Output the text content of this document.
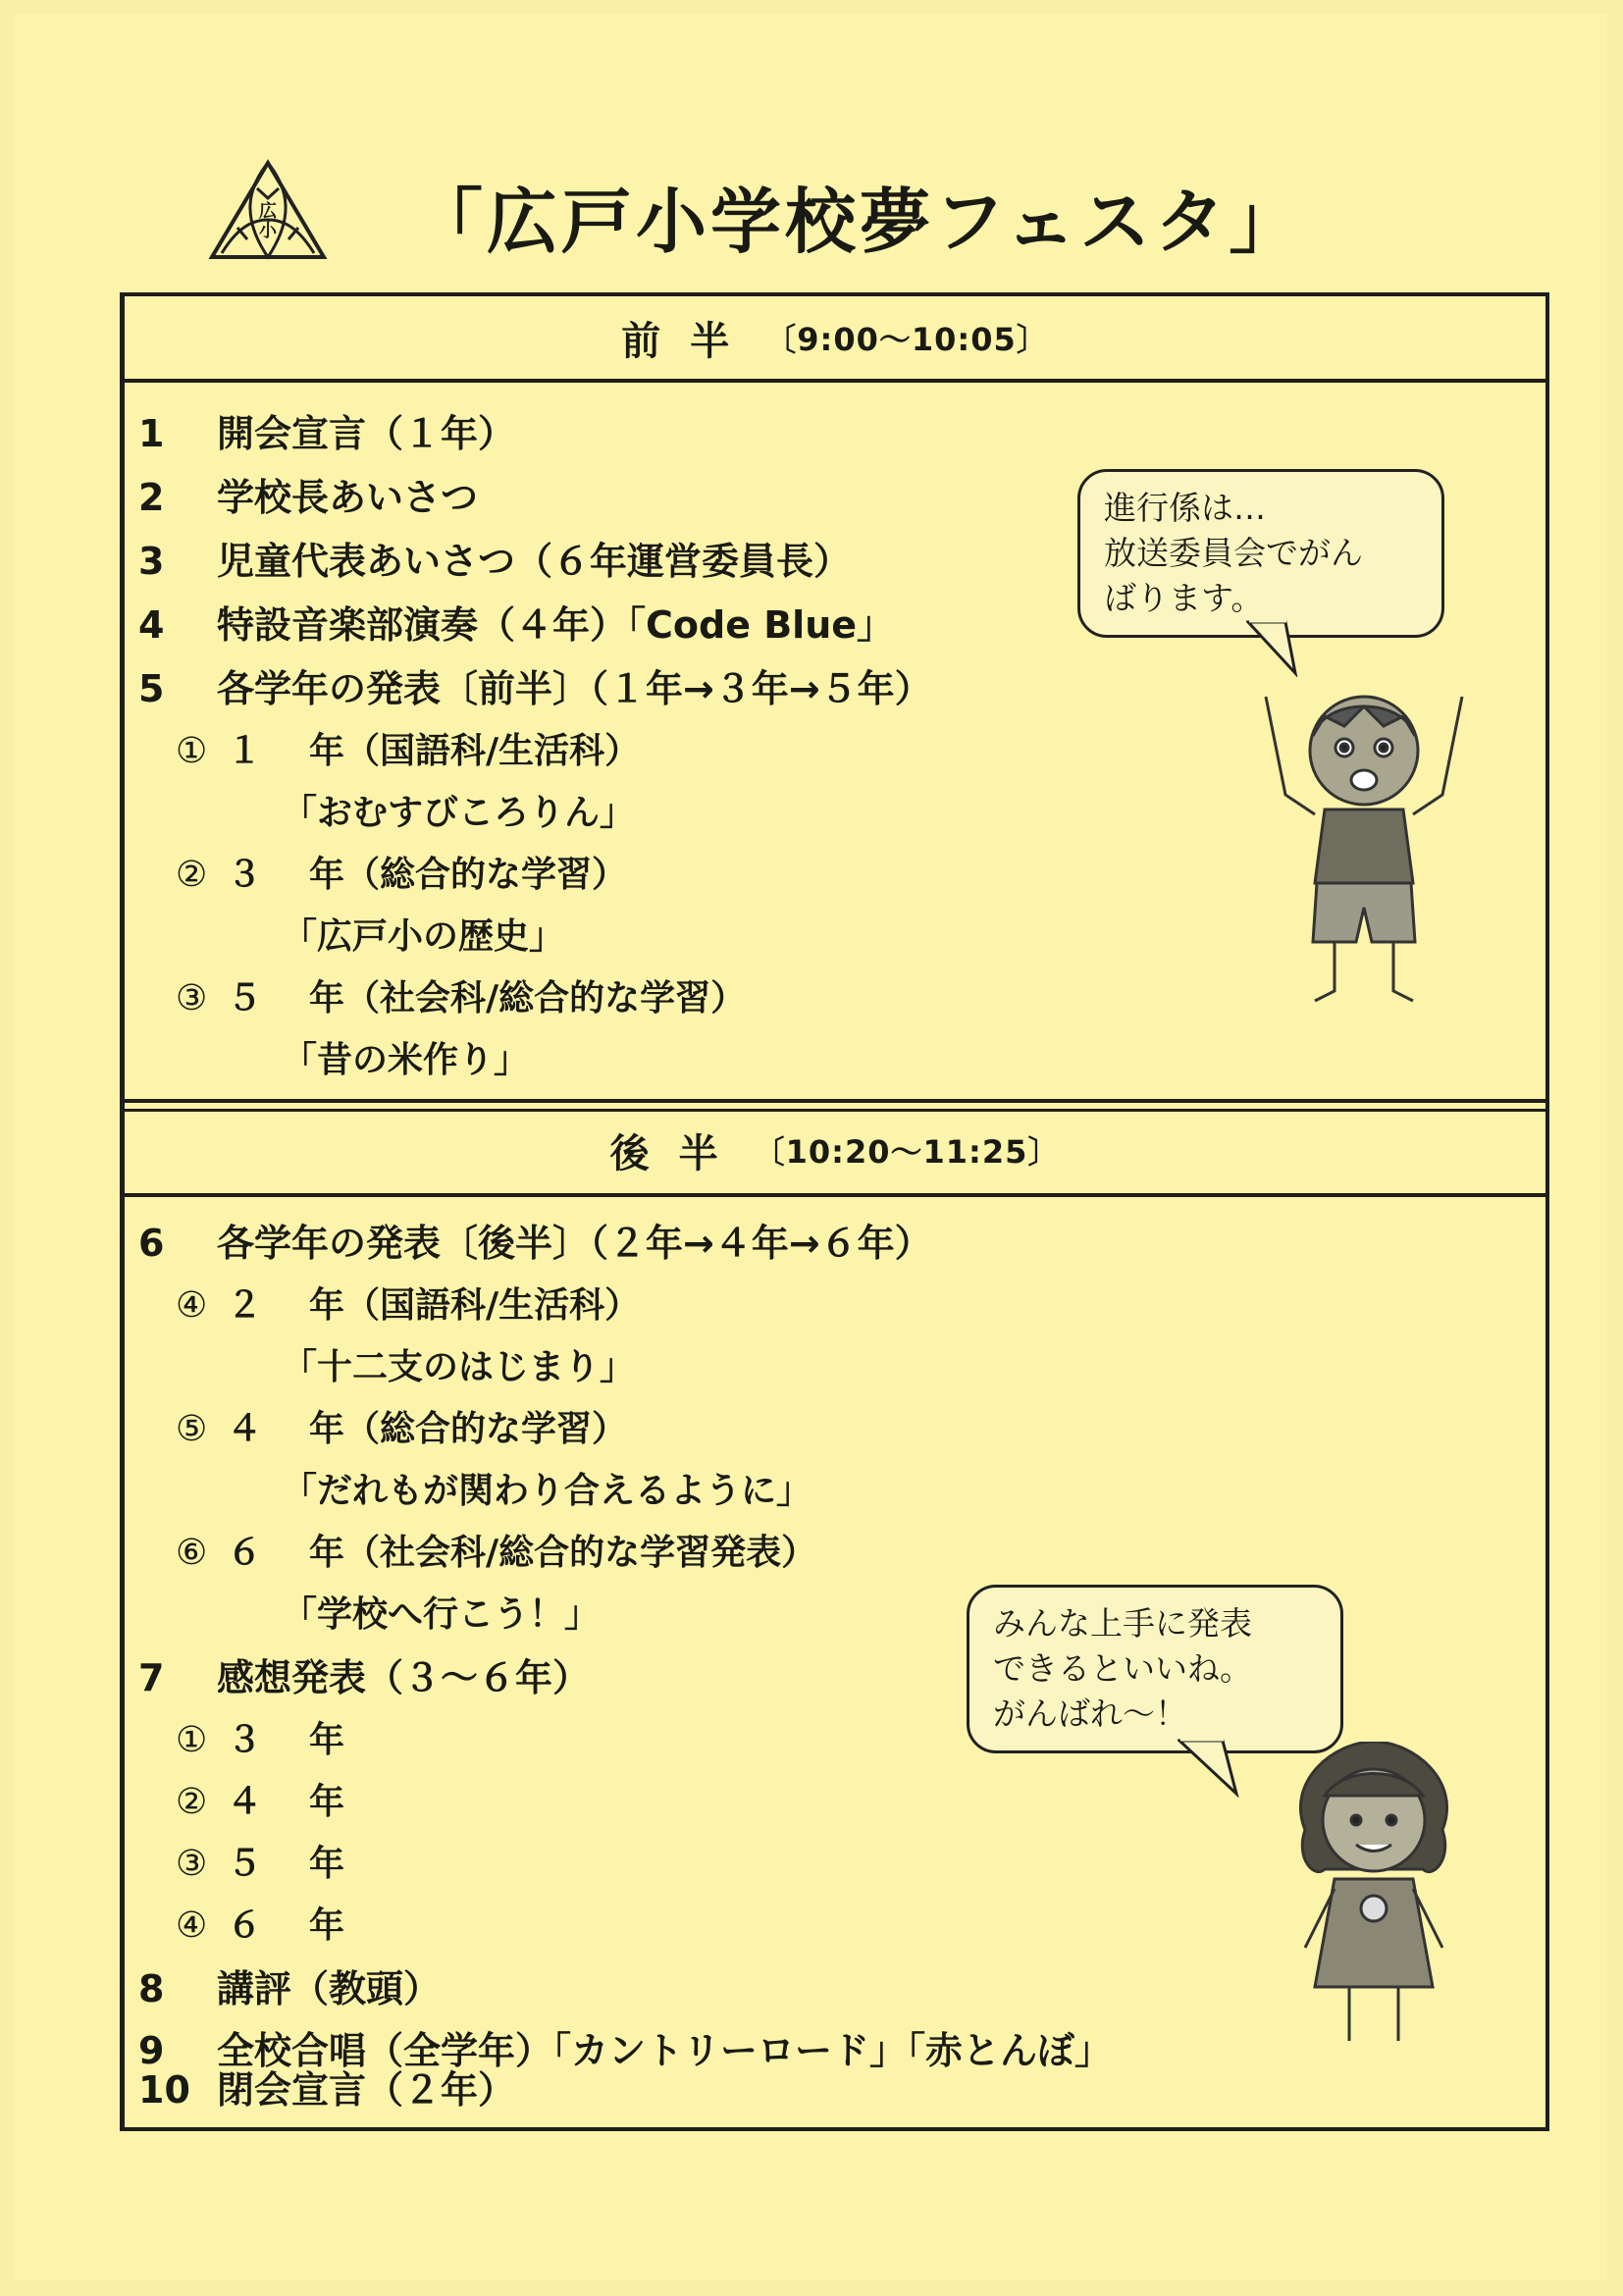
広小 「広戸小学校夢フェスタ」
前半 〔9:00〜10:05〕
1 開会宣言（１年）
2 学校長あいさつ
3 児童代表あいさつ（６年運営委員長）
4 特設音楽部演奏（４年）「Code Blue」
5 各学年の発表〔前半〕（１年→３年→５年）
① １　年（国語科/生活科）
「おむすびころりん」
② ３　年（総合的な学習）
「広戸小の歴史」
③ ５　年（社会科/総合的な学習）
「昔の米作り」
後半 〔10:20〜11:25〕
6 各学年の発表〔後半〕（２年→４年→６年）
④ ２　年（国語科/生活科）
「十二支のはじまり」
⑤ ４　年（総合的な学習）
「だれもが関わり合えるように」
⑥ ６　年（社会科/総合的な学習発表）
「学校へ行こう！」
7 感想発表（３〜６年）
① ３　年
② ４　年
③ ５　年
④ ６　年
8 講評（教頭）
9 全校合唱（全学年）「カントリーロード」「赤とんぼ」
10 閉会宣言（２年）
進行係は…
放送委員会でがん
ばります。
みんな上手に発表
できるといいね。
がんばれ〜！
